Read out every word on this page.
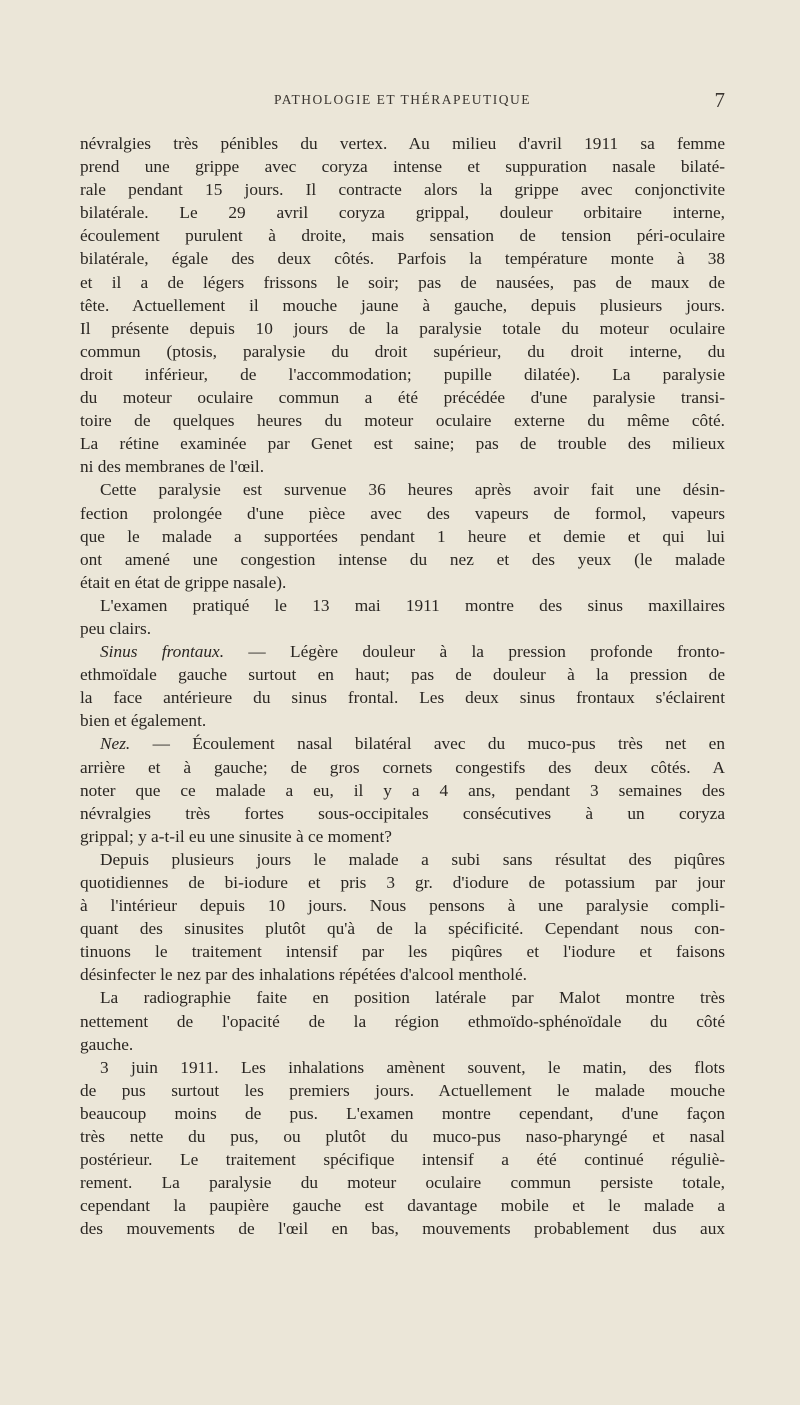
PATHOLOGIE ET THÉRAPEUTIQUE	7
névralgies très pénibles du vertex. Au milieu d'avril 1911 sa femme
prend une grippe avec coryza intense et suppuration nasale bilaté-
rale pendant 15 jours. Il contracte alors la grippe avec conjonctivite
bilatérale. Le 29 avril coryza grippal, douleur orbitaire interne,
écoulement purulent à droite, mais sensation de tension péri-oculaire
bilatérale, égale des deux côtés. Parfois la température monte à 38
et il a de légers frissons le soir; pas de nausées, pas de maux de
tête. Actuellement il mouche jaune à gauche, depuis plusieurs jours.
Il présente depuis 10 jours de la paralysie totale du moteur oculaire
commun (ptosis, paralysie du droit supérieur, du droit interne, du
droit inférieur, de l'accommodation; pupille dilatée). La paralysie
du moteur oculaire commun a été précédée d'une paralysie transi-
toire de quelques heures du moteur oculaire externe du même côté.
La rétine examinée par Genet est saine; pas de trouble des milieux
ni des membranes de l'œil.
Cette paralysie est survenue 36 heures après avoir fait une désin-
fection prolongée d'une pièce avec des vapeurs de formol, vapeurs
que le malade a supportées pendant 1 heure et demie et qui lui
ont amené une congestion intense du nez et des yeux (le malade
était en état de grippe nasale).
L'examen pratiqué le 13 mai 1911 montre des sinus maxillaires
peu clairs.
Sinus frontaux. — Légère douleur à la pression profonde fronto-
ethmoïdale gauche surtout en haut; pas de douleur à la pression de
la face antérieure du sinus frontal. Les deux sinus frontaux s'éclairent
bien et également.
Nez. — Écoulement nasal bilatéral avec du muco-pus très net en
arrière et à gauche; de gros cornets congestifs des deux côtés. A
noter que ce malade a eu, il y a 4 ans, pendant 3 semaines des
névralgies très fortes sous-occipitales consécutives à un coryza
grippal; y a-t-il eu une sinusite à ce moment?
Depuis plusieurs jours le malade a subi sans résultat des piqûres
quotidiennes de bi-iodure et pris 3 gr. d'iodure de potassium par jour
à l'intérieur depuis 10 jours. Nous pensons à une paralysie compli-
quant des sinusites plutôt qu'à de la spécificité. Cependant nous con-
tinuons le traitement intensif par les piqûres et l'iodure et faisons
désinfecter le nez par des inhalations répétées d'alcool mentholé.
La radiographie faite en position latérale par Malot montre très
nettement de l'opacité de la région ethmoïdo-sphénoïdale du côté
gauche.
3 juin 1911. Les inhalations amènent souvent, le matin, des flots
de pus surtout les premiers jours. Actuellement le malade mouche
beaucoup moins de pus. L'examen montre cependant, d'une façon
très nette du pus, ou plutôt du muco-pus naso-pharyngé et nasal
postérieur. Le traitement spécifique intensif a été continué réguliè-
rement. La paralysie du moteur oculaire commun persiste totale,
cependant la paupière gauche est davantage mobile et le malade a
des mouvements de l'œil en bas, mouvements probablement dus aux
